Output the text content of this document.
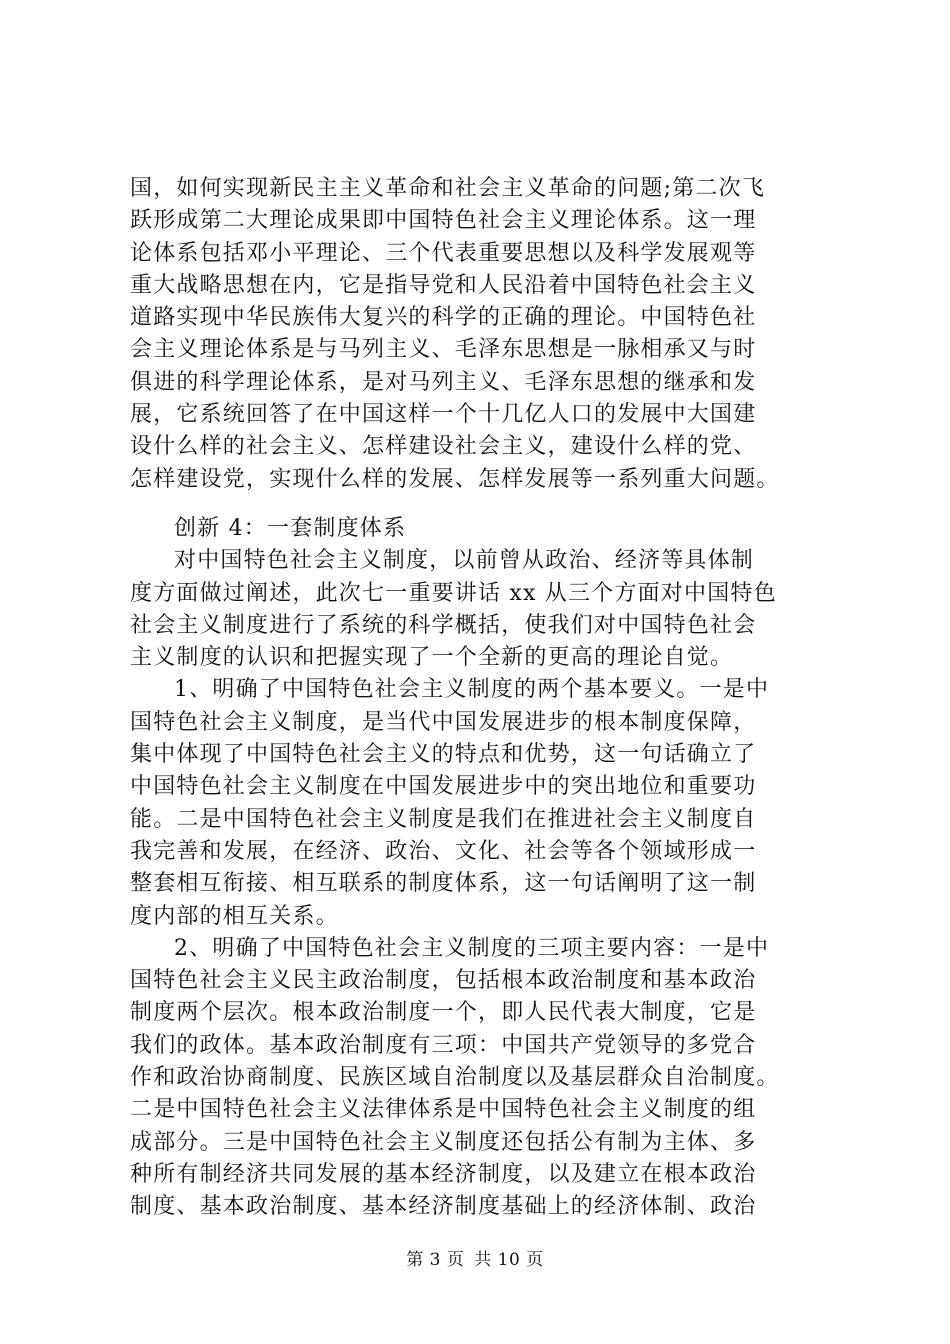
国，如何实现新民主主义革命和社会主义革命的问题;第二次飞
跃形成第二大理论成果即中国特色社会主义理论体系。这一理
论体系包括邓小平理论、三个代表重要思想以及科学发展观等
重大战略思想在内，它是指导党和人民沿着中国特色社会主义
道路实现中华民族伟大复兴的科学的正确的理论。中国特色社
会主义理论体系是与马列主义、毛泽东思想是一脉相承又与时
俱进的科学理论体系，是对马列主义、毛泽东思想的继承和发
展，它系统回答了在中国这样一个十几亿人口的发展中大国建
设什么样的社会主义、怎样建设社会主义，建设什么样的党、
怎样建设党，实现什么样的发展、怎样发展等一系列重大问题。
创新 4：一套制度体系
对中国特色社会主义制度，以前曾从政治、经济等具体制
度方面做过阐述，此次七一重要讲话 xx 从三个方面对中国特色
社会主义制度进行了系统的科学概括，使我们对中国特色社会
主义制度的认识和把握实现了一个全新的更高的理论自觉。
1、明确了中国特色社会主义制度的两个基本要义。一是中
国特色社会主义制度，是当代中国发展进步的根本制度保障，
集中体现了中国特色社会主义的特点和优势，这一句话确立了
中国特色社会主义制度在中国发展进步中的突出地位和重要功
能。二是中国特色社会主义制度是我们在推进社会主义制度自
我完善和发展，在经济、政治、文化、社会等各个领域形成一
整套相互衔接、相互联系的制度体系，这一句话阐明了这一制
度内部的相互关系。
2、明确了中国特色社会主义制度的三项主要内容：一是中
国特色社会主义民主政治制度，包括根本政治制度和基本政治
制度两个层次。根本政治制度一个，即人民代表大制度，它是
我们的政体。基本政治制度有三项：中国共产党领导的多党合
作和政治协商制度、民族区域自治制度以及基层群众自治制度。
二是中国特色社会主义法律体系是中国特色社会主义制度的组
成部分。三是中国特色社会主义制度还包括公有制为主体、多
种所有制经济共同发展的基本经济制度，以及建立在根本政治
制度、基本政治制度、基本经济制度基础上的经济体制、政治
第 3 页 共 10 页
